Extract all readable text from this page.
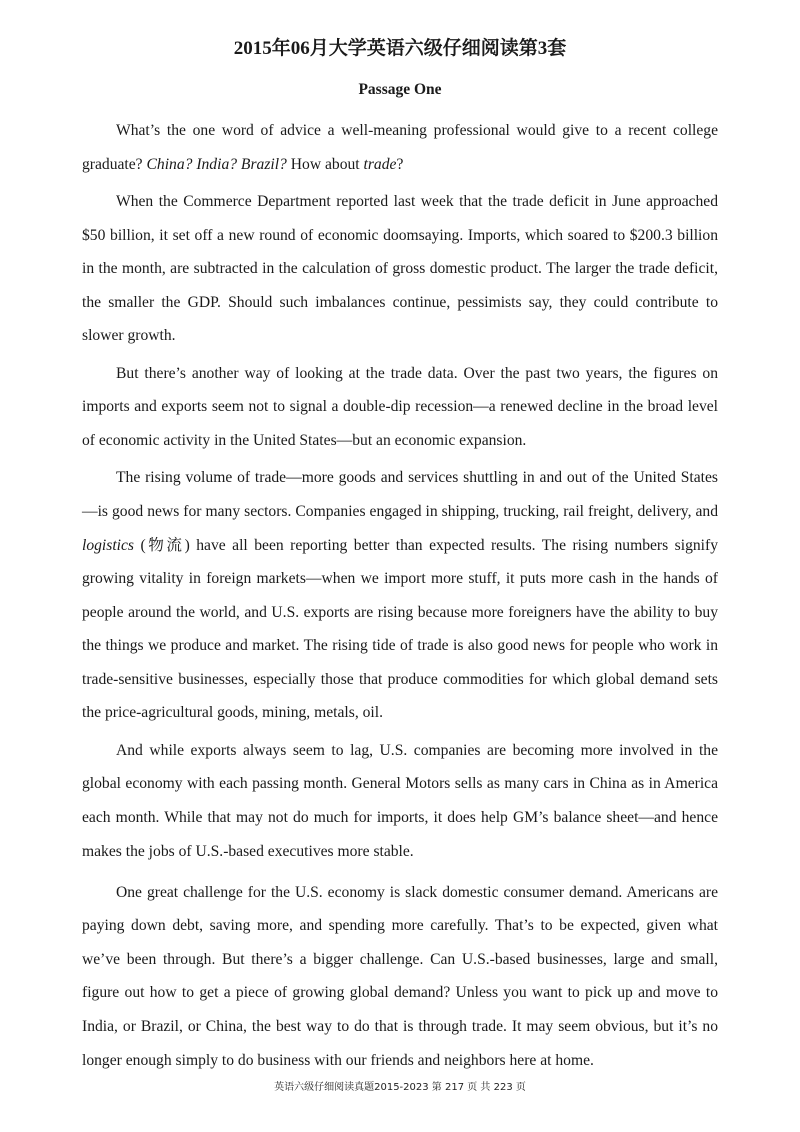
2015年06月大学英语六级仔细阅读第3套
Passage One

What’s the one word of advice a well-meaning professional would give to a recent college graduate? China? India? Brazil? How about trade?

When the Commerce Department reported last week that the trade deficit in June approached $50 billion, it set off a new round of economic doomsaying. Imports, which soared to $200.3 billion in the month, are subtracted in the calculation of gross domestic product. The larger the trade deficit, the smaller the GDP. Should such imbalances continue, pessimists say, they could contribute to slower growth.

But there’s another way of looking at the trade data. Over the past two years, the figures on imports and exports seem not to signal a double-dip recession—a renewed decline in the broad level of economic activity in the United States—but an economic expansion.

The rising volume of trade—more goods and services shuttling in and out of the United States—is good news for many sectors. Companies engaged in shipping, trucking, rail freight, delivery, and logistics (物流) have all been reporting better than expected results. The rising numbers signify growing vitality in foreign markets—when we import more stuff, it puts more cash in the hands of people around the world, and U.S. exports are rising because more foreigners have the ability to buy the things we produce and market. The rising tide of trade is also good news for people who work in trade-sensitive businesses, especially those that produce commodities for which global demand sets the price-agricultural goods, mining, metals, oil.

And while exports always seem to lag, U.S. companies are becoming more involved in the global economy with each passing month. General Motors sells as many cars in China as in America each month. While that may not do much for imports, it does help GM’s balance sheet—and hence makes the jobs of U.S.-based executives more stable.

One great challenge for the U.S. economy is slack domestic consumer demand. Americans are paying down debt, saving more, and spending more carefully. That’s to be expected, given what we’ve been through. But there’s a bigger challenge. Can U.S.-based businesses, large and small, figure out how to get a piece of growing global demand? Unless you want to pick up and move to India, or Brazil, or China, the best way to do that is through trade. It may seem obvious, but it’s no longer enough simply to do business with our friends and neighbors here at home.

英语六级仔细阅读真题2015-2023 第 217 页 共 223 页
